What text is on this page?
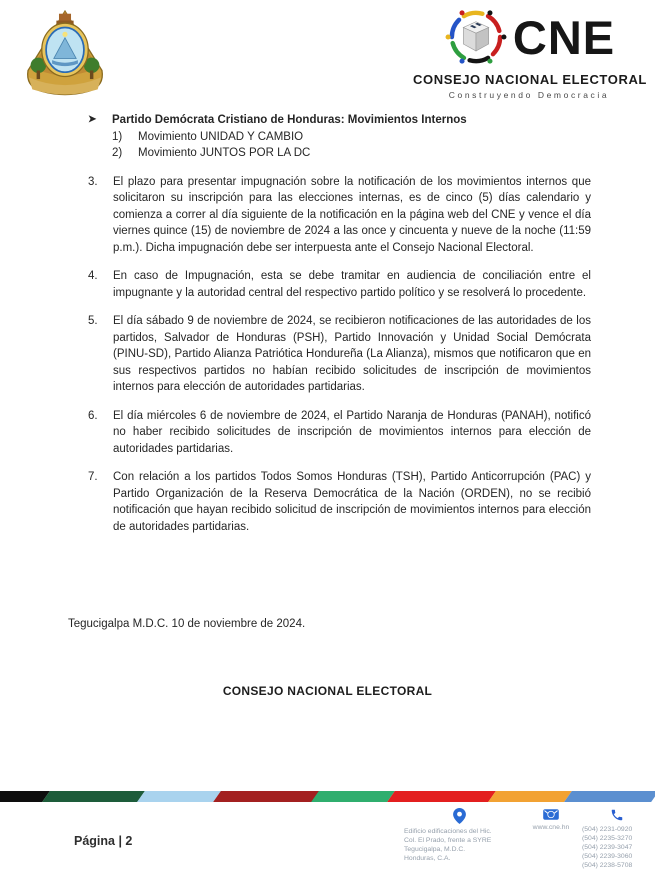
CNE
CONSEJO NACIONAL ELECTORAL
Construyendo Democracia
➤	Partido Demócrata Cristiano de Honduras: Movimientos Internos
1)	Movimiento UNIDAD Y CAMBIO
2)	Movimiento JUNTOS POR LA DC
3.	El plazo para presentar impugnación sobre la notificación de los movimientos internos que solicitaron su inscripción para las elecciones internas, es de cinco (5) días calendario y comienza a correr al día siguiente de la notificación en la página web del CNE y vence el día viernes quince (15) de noviembre de 2024 a las once y cincuenta y nueve de la noche (11:59 p.m.). Dicha impugnación debe ser interpuesta ante el Consejo Nacional Electoral.
4.	En caso de Impugnación, esta se debe tramitar en audiencia de conciliación entre el impugnante y la autoridad central del respectivo partido político y se resolverá lo procedente.
5.	El día sábado 9 de noviembre de 2024, se recibieron notificaciones de las autoridades de los partidos, Salvador de Honduras (PSH), Partido Innovación y Unidad Social Demócrata (PINU-SD), Partido Alianza Patriótica Hondureña (La Alianza), mismos que notificaron que en sus respectivos partidos no habían recibido solicitudes de inscripción de movimientos internos para elección de autoridades partidarias.
6.	El día miércoles 6 de noviembre de 2024, el Partido Naranja de Honduras (PANAH), notificó no haber recibido solicitudes de inscripción de movimientos internos para elección de autoridades partidarias.
7.	Con relación a los partidos Todos Somos Honduras (TSH), Partido Anticorrupción (PAC) y Partido Organización de la Reserva Democrática de la Nación (ORDEN), no se recibió notificación que hayan recibido solicitud de inscripción de movimientos internos para elección de autoridades partidarias.
Tegucigalpa M.D.C. 10 de noviembre de 2024.
CONSEJO NACIONAL ELECTORAL
Página | 2
Edificio edificaciones del Hic.
Col. El Prado, frente a SYRE
Tegucigalpa, M.D.C.
Honduras, C.A.
www.cne.hn	(504) 2231-0920
(504) 2235-3270
(504) 2239-3047
(504) 2239-3060
(504) 2238-5708
